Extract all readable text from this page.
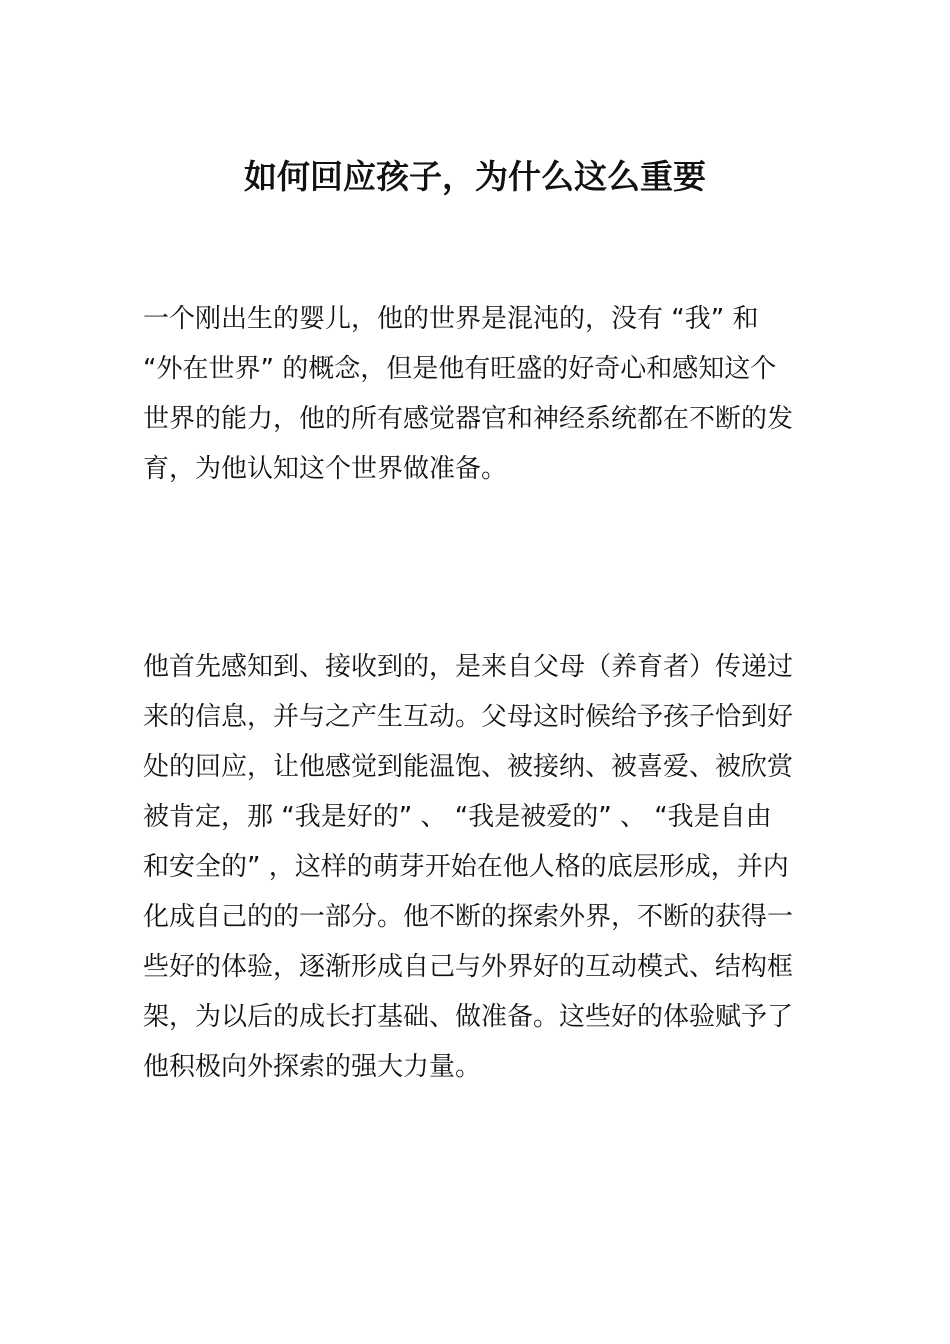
如何回应孩子，为什么这么重要
一个刚出生的婴儿，他的世界是混沌的，没有 “我” 和
“外在世界” 的概念，但是他有旺盛的好奇心和感知这个
世界的能力，他的所有感觉器官和神经系统都在不断的发
育，为他认知这个世界做准备。
他首先感知到、接收到的，是来自父母（养育者）传递过
来的信息，并与之产生互动。父母这时候给予孩子恰到好
处的回应，让他感觉到能温饱、被接纳、被喜爱、被欣赏
被肯定，那 “我是好的” 、 “我是被爱的” 、 “我是自由
和安全的” ，这样的萌芽开始在他人格的底层形成，并内
化成自己的的一部分。他不断的探索外界，不断的获得一
些好的体验，逐渐形成自己与外界好的互动模式、结构框
架，为以后的成长打基础、做准备。这些好的体验赋予了
他积极向外探索的强大力量。
